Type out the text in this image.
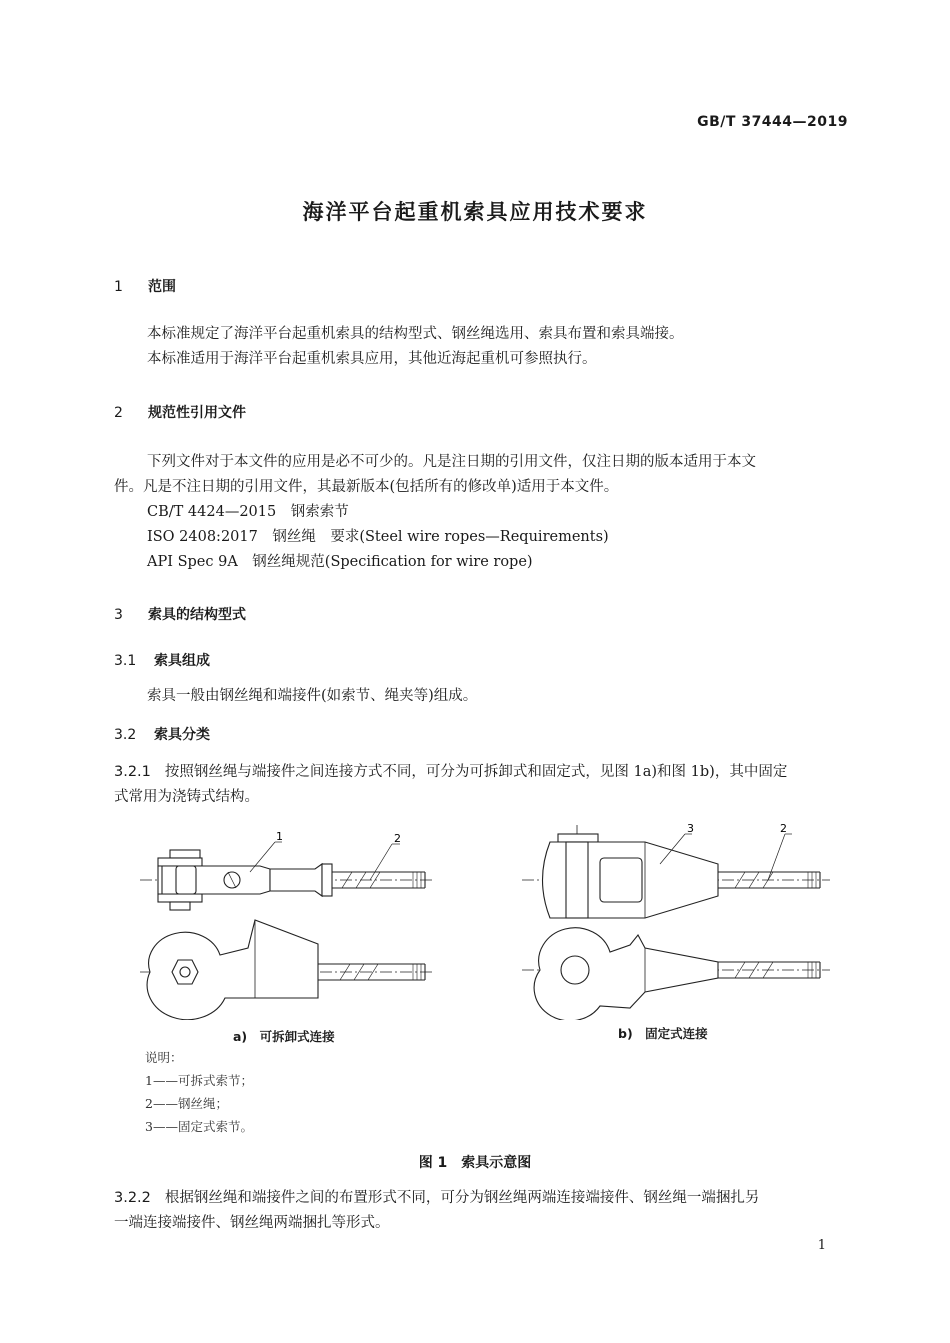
GB/T 37444—2019
海洋平台起重机索具应用技术要求
1 范围
本标准规定了海洋平台起重机索具的结构型式、钢丝绳选用、索具布置和索具端接。
本标准适用于海洋平台起重机索具应用，其他近海起重机可参照执行。
2 规范性引用文件
下列文件对于本文件的应用是必不可少的。凡是注日期的引用文件，仅注日期的版本适用于本文
件。凡是不注日期的引用文件，其最新版本(包括所有的修改单)适用于本文件。
CB/T 4424—2015　钢索索节
ISO 2408:2017　钢丝绳　要求(Steel wire ropes—Requirements)
API Spec 9A　钢丝绳规范(Specification for wire rope)
3 索具的结构型式
3.1 索具组成
索具一般由钢丝绳和端接件(如索节、绳夹等)组成。
3.2 索具分类
3.2.1 按照钢丝绳与端接件之间连接方式不同，可分为可拆卸式和固定式，见图 1a)和图 1b)，其中固定
式常用为浇铸式结构。
1	2
3	2
a)　可拆卸式连接	b)　固定式连接
说明：
1——可拆式索节；
2——钢丝绳；
3——固定式索节。
图 1　索具示意图
3.2.2 根据钢丝绳和端接件之间的布置形式不同，可分为钢丝绳两端连接端接件、钢丝绳一端捆扎另
一端连接端接件、钢丝绳两端捆扎等形式。
1
